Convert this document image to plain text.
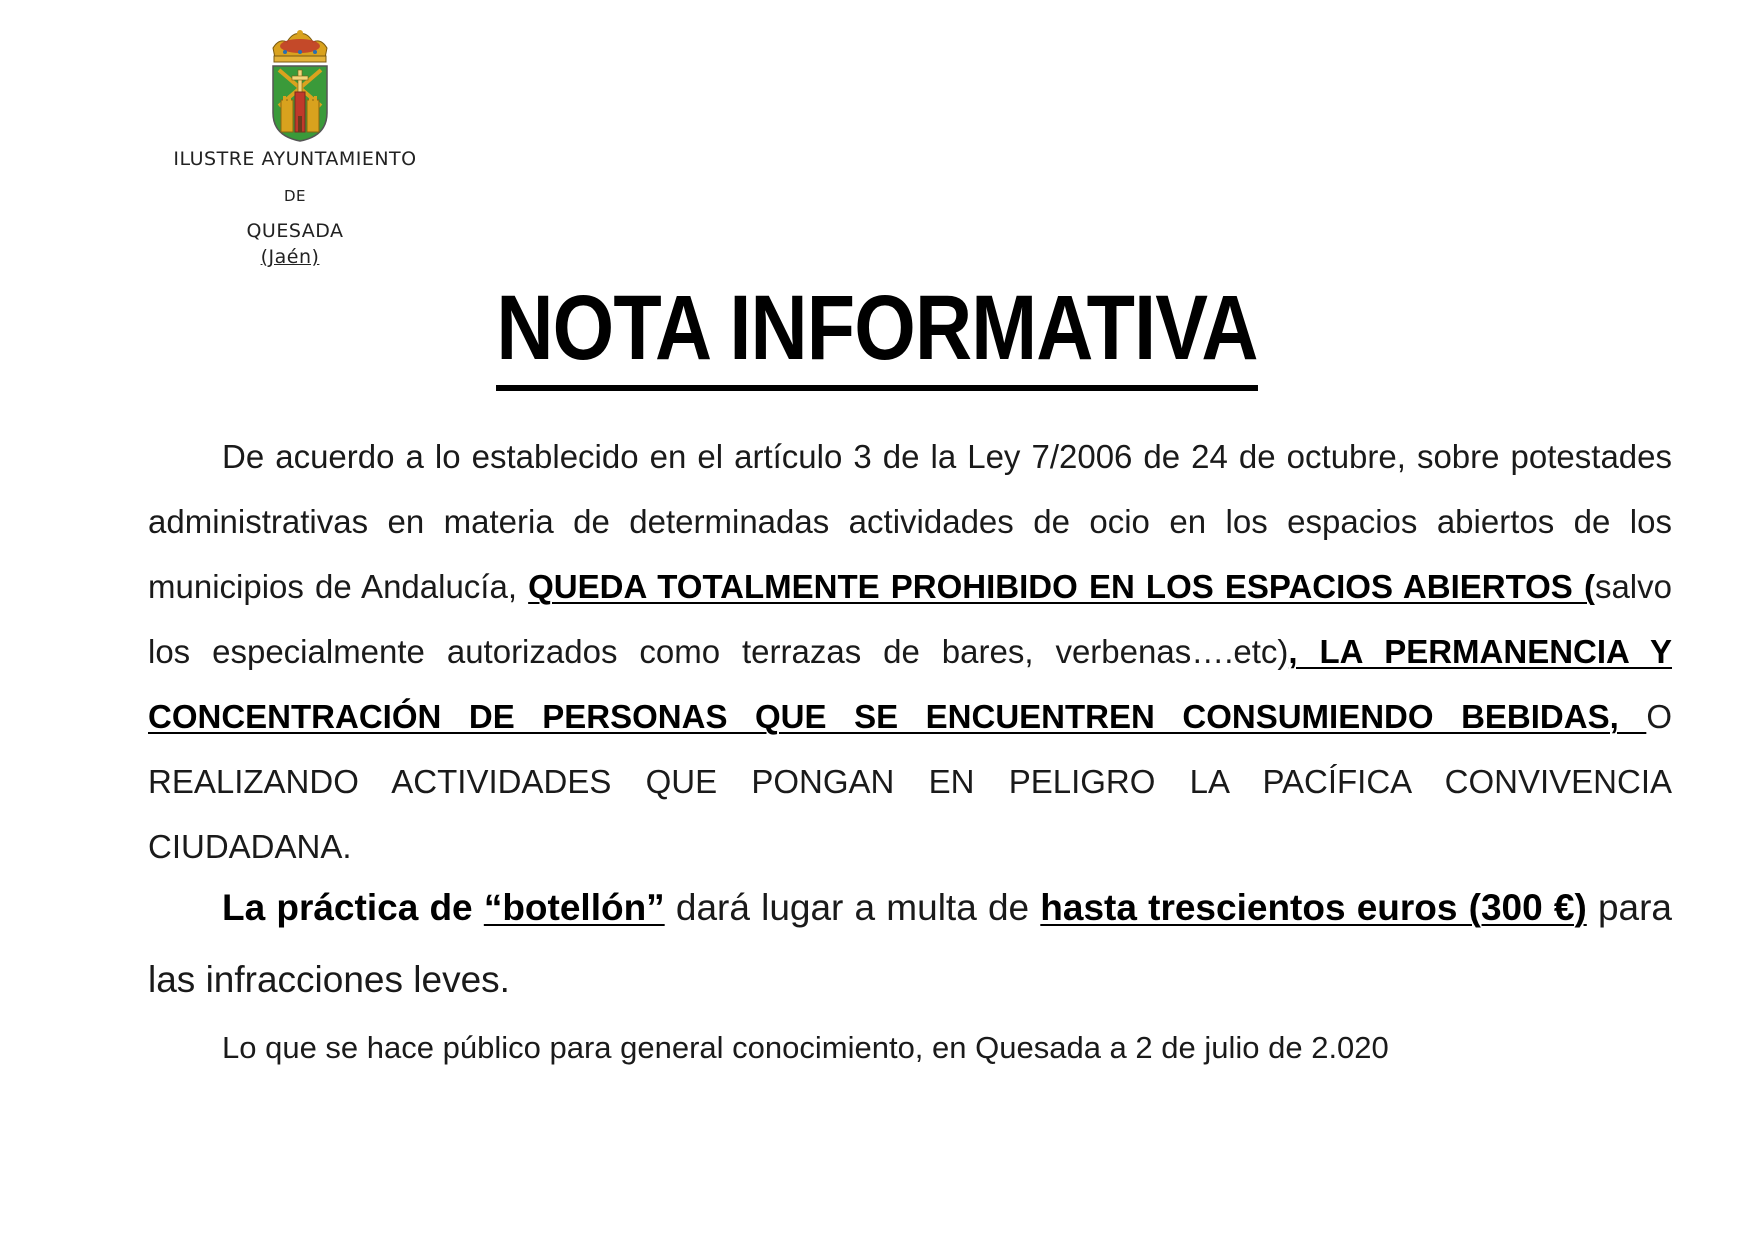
ILUSTRE AYUNTAMIENTO
DE
QUESADA
(Jaén)
NOTA INFORMATIVA
De acuerdo a lo establecido en el artículo 3 de la Ley 7/2006 de 24 de octubre, sobre potestades administrativas en materia de determinadas actividades de ocio en los espacios abiertos de los municipios de Andalucía, QUEDA TOTALMENTE PROHIBIDO EN LOS ESPACIOS ABIERTOS (salvo los especialmente autorizados como terrazas de bares, verbenas….etc), LA PERMANENCIA Y CONCENTRACIÓN DE PERSONAS QUE SE ENCUENTREN CONSUMIENDO BEBIDAS, O REALIZANDO ACTIVIDADES QUE PONGAN EN PELIGRO LA PACÍFICA CONVIVENCIA CIUDADANA.
La práctica de “botellón” dará lugar a multa de hasta trescientos euros (300 €) para las infracciones leves.
Lo que se hace público para general conocimiento, en Quesada a 2 de julio de 2.020
